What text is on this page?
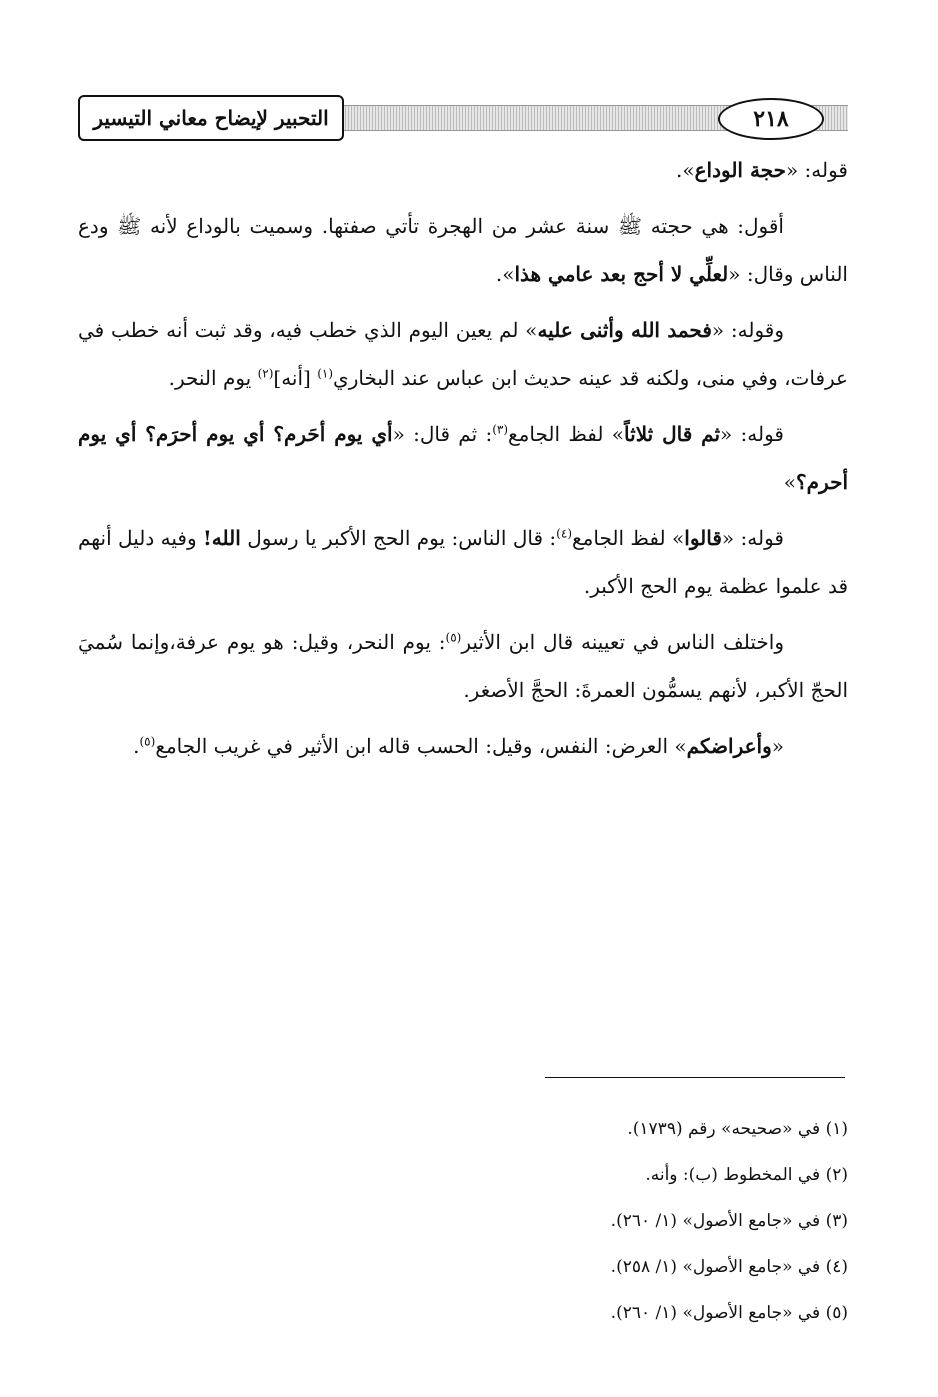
التحبير لإيضاح معاني التيسير	٢١٨

قوله: «حجة الوداع».

أقول: هي حجته ﷺ سنة عشر من الهجرة تأتي صفتها. وسميت بالوداع لأنه ﷺ ودع الناس وقال: «لعلِّي لا أحج بعد عامي هذا».

وقوله: «فحمد الله وأثنى عليه» لم يعين اليوم الذي خطب فيه، وقد ثبت أنه خطب في عرفات، وفي منى، ولكنه قد عينه حديث ابن عباس عند البخاري$^{(١)}$ [أنه]$^{(٢)}$ يوم النحر.

قوله: «ثم قال ثلاثاً» لفظ الجامع$^{(٣)}$: ثم قال: «أي يوم أحَرم؟ أي يوم أحرَم؟ أي يوم أحرم؟»

قوله: «قالوا» لفظ الجامع$^{(٤)}$: قال الناس: يوم الحج الأكبر يا رسول الله! وفيه دليل أنهم قد علموا عظمة يوم الحج الأكبر.

واختلف الناس في تعيينه قال ابن الأثير$^{(٥)}$: يوم النحر، وقيل: هو يوم عرفة،وإنما سُميَ الحجّ الأكبر، لأنهم يسمُّون العمرةَ: الحجَّ الأصغر.

«وأعراضكم» العرض: النفس، وقيل: الحسب قاله ابن الأثير في غريب الجامع$^{(٥)}$.

(١) في «صحيحه» رقم (١٧٣٩).
(٢) في المخطوط (ب): وأنه.
(٣) في «جامع الأصول» (١/ ٢٦٠).
(٤) في «جامع الأصول» (١/ ٢٥٨).
(٥) في «جامع الأصول» (١/ ٢٦٠).
